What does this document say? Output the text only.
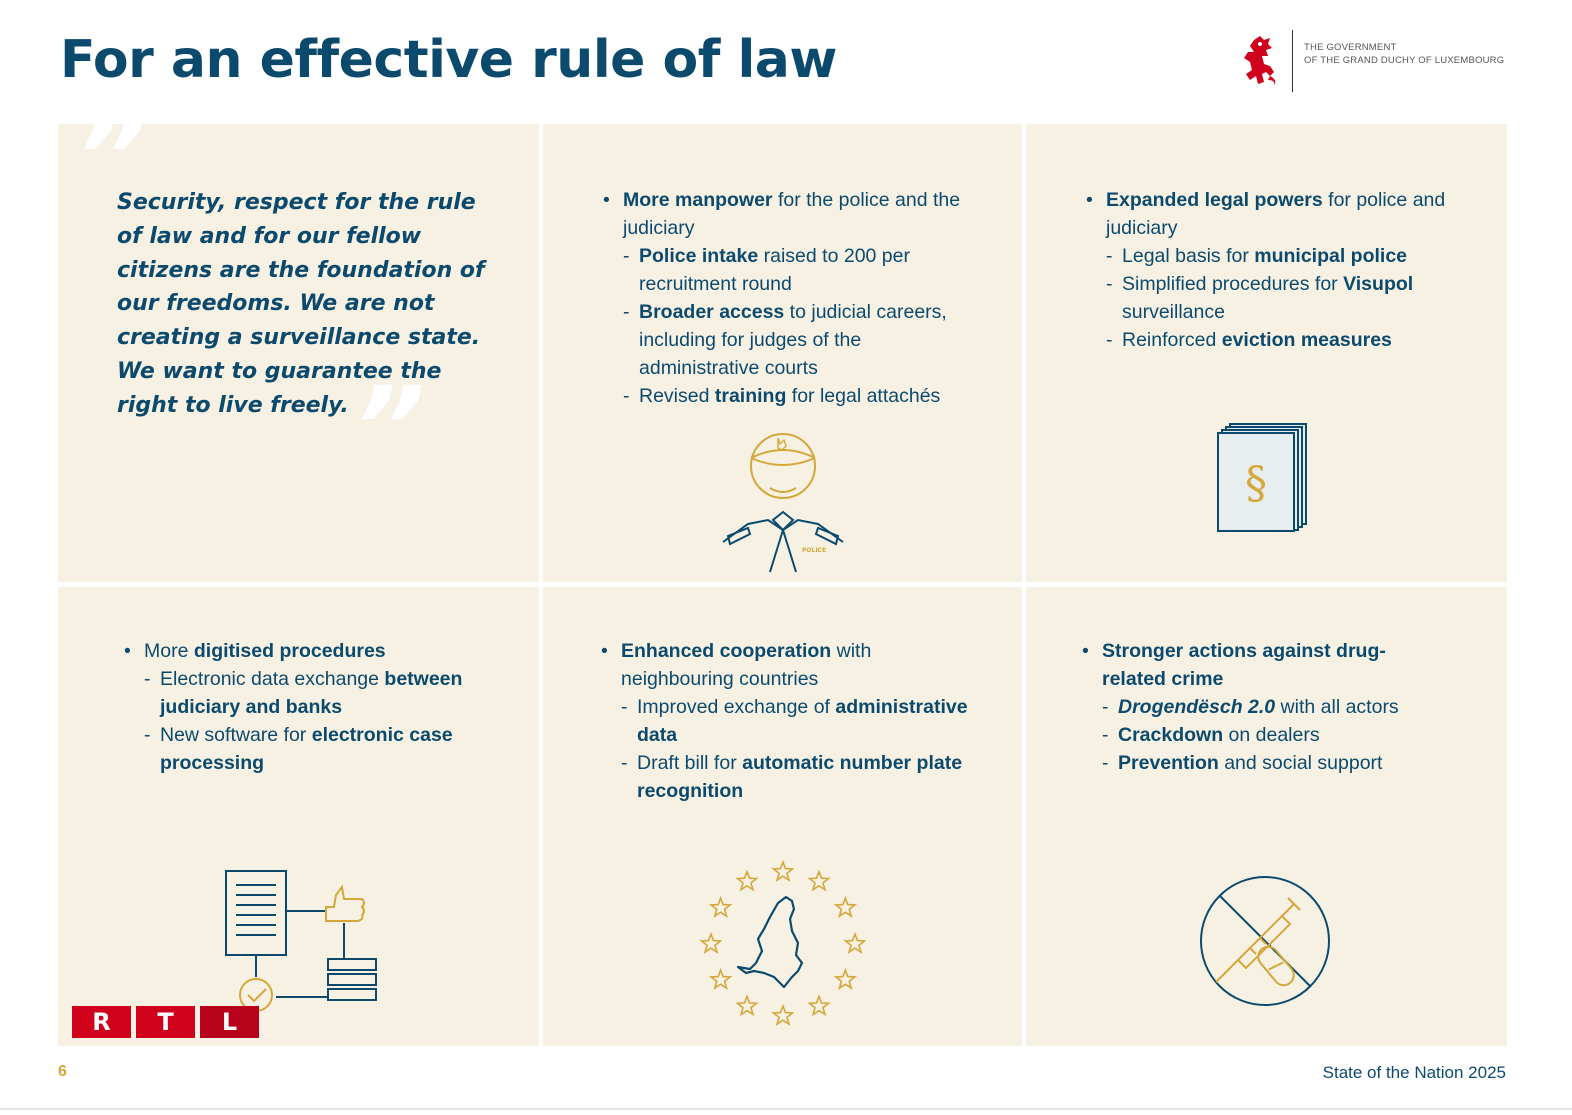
For an effective rule of law	THE GOVERNMENT
OF THE GRAND DUCHY OF LUXEMBOURG
”
Security, respect for the rule of law and for our fellow citizens are the foundation of our freedoms. We are not creating a surveillance state. We want to guarantee the right to live freely. ”
• More manpower for the police and the judiciary
- Police intake raised to 200 per recruitment round
- Broader access to judicial careers, including for judges of the administrative courts
- Revised training for legal attachés
POLICE
• Expanded legal powers for police and judiciary
- Legal basis for municipal police
- Simplified procedures for Visupol surveillance
- Reinforced eviction measures
§
• More digitised procedures
- Electronic data exchange between judiciary and banks
- New software for electronic case processing
R	T	L
• Enhanced cooperation with neighbouring countries
- Improved exchange of administrative data
- Draft bill for automatic number plate recognition
• Stronger actions against drug-related crime
- Drogendësch 2.0 with all actors
- Crackdown on dealers
- Prevention and social support
6	State of the Nation 2025
